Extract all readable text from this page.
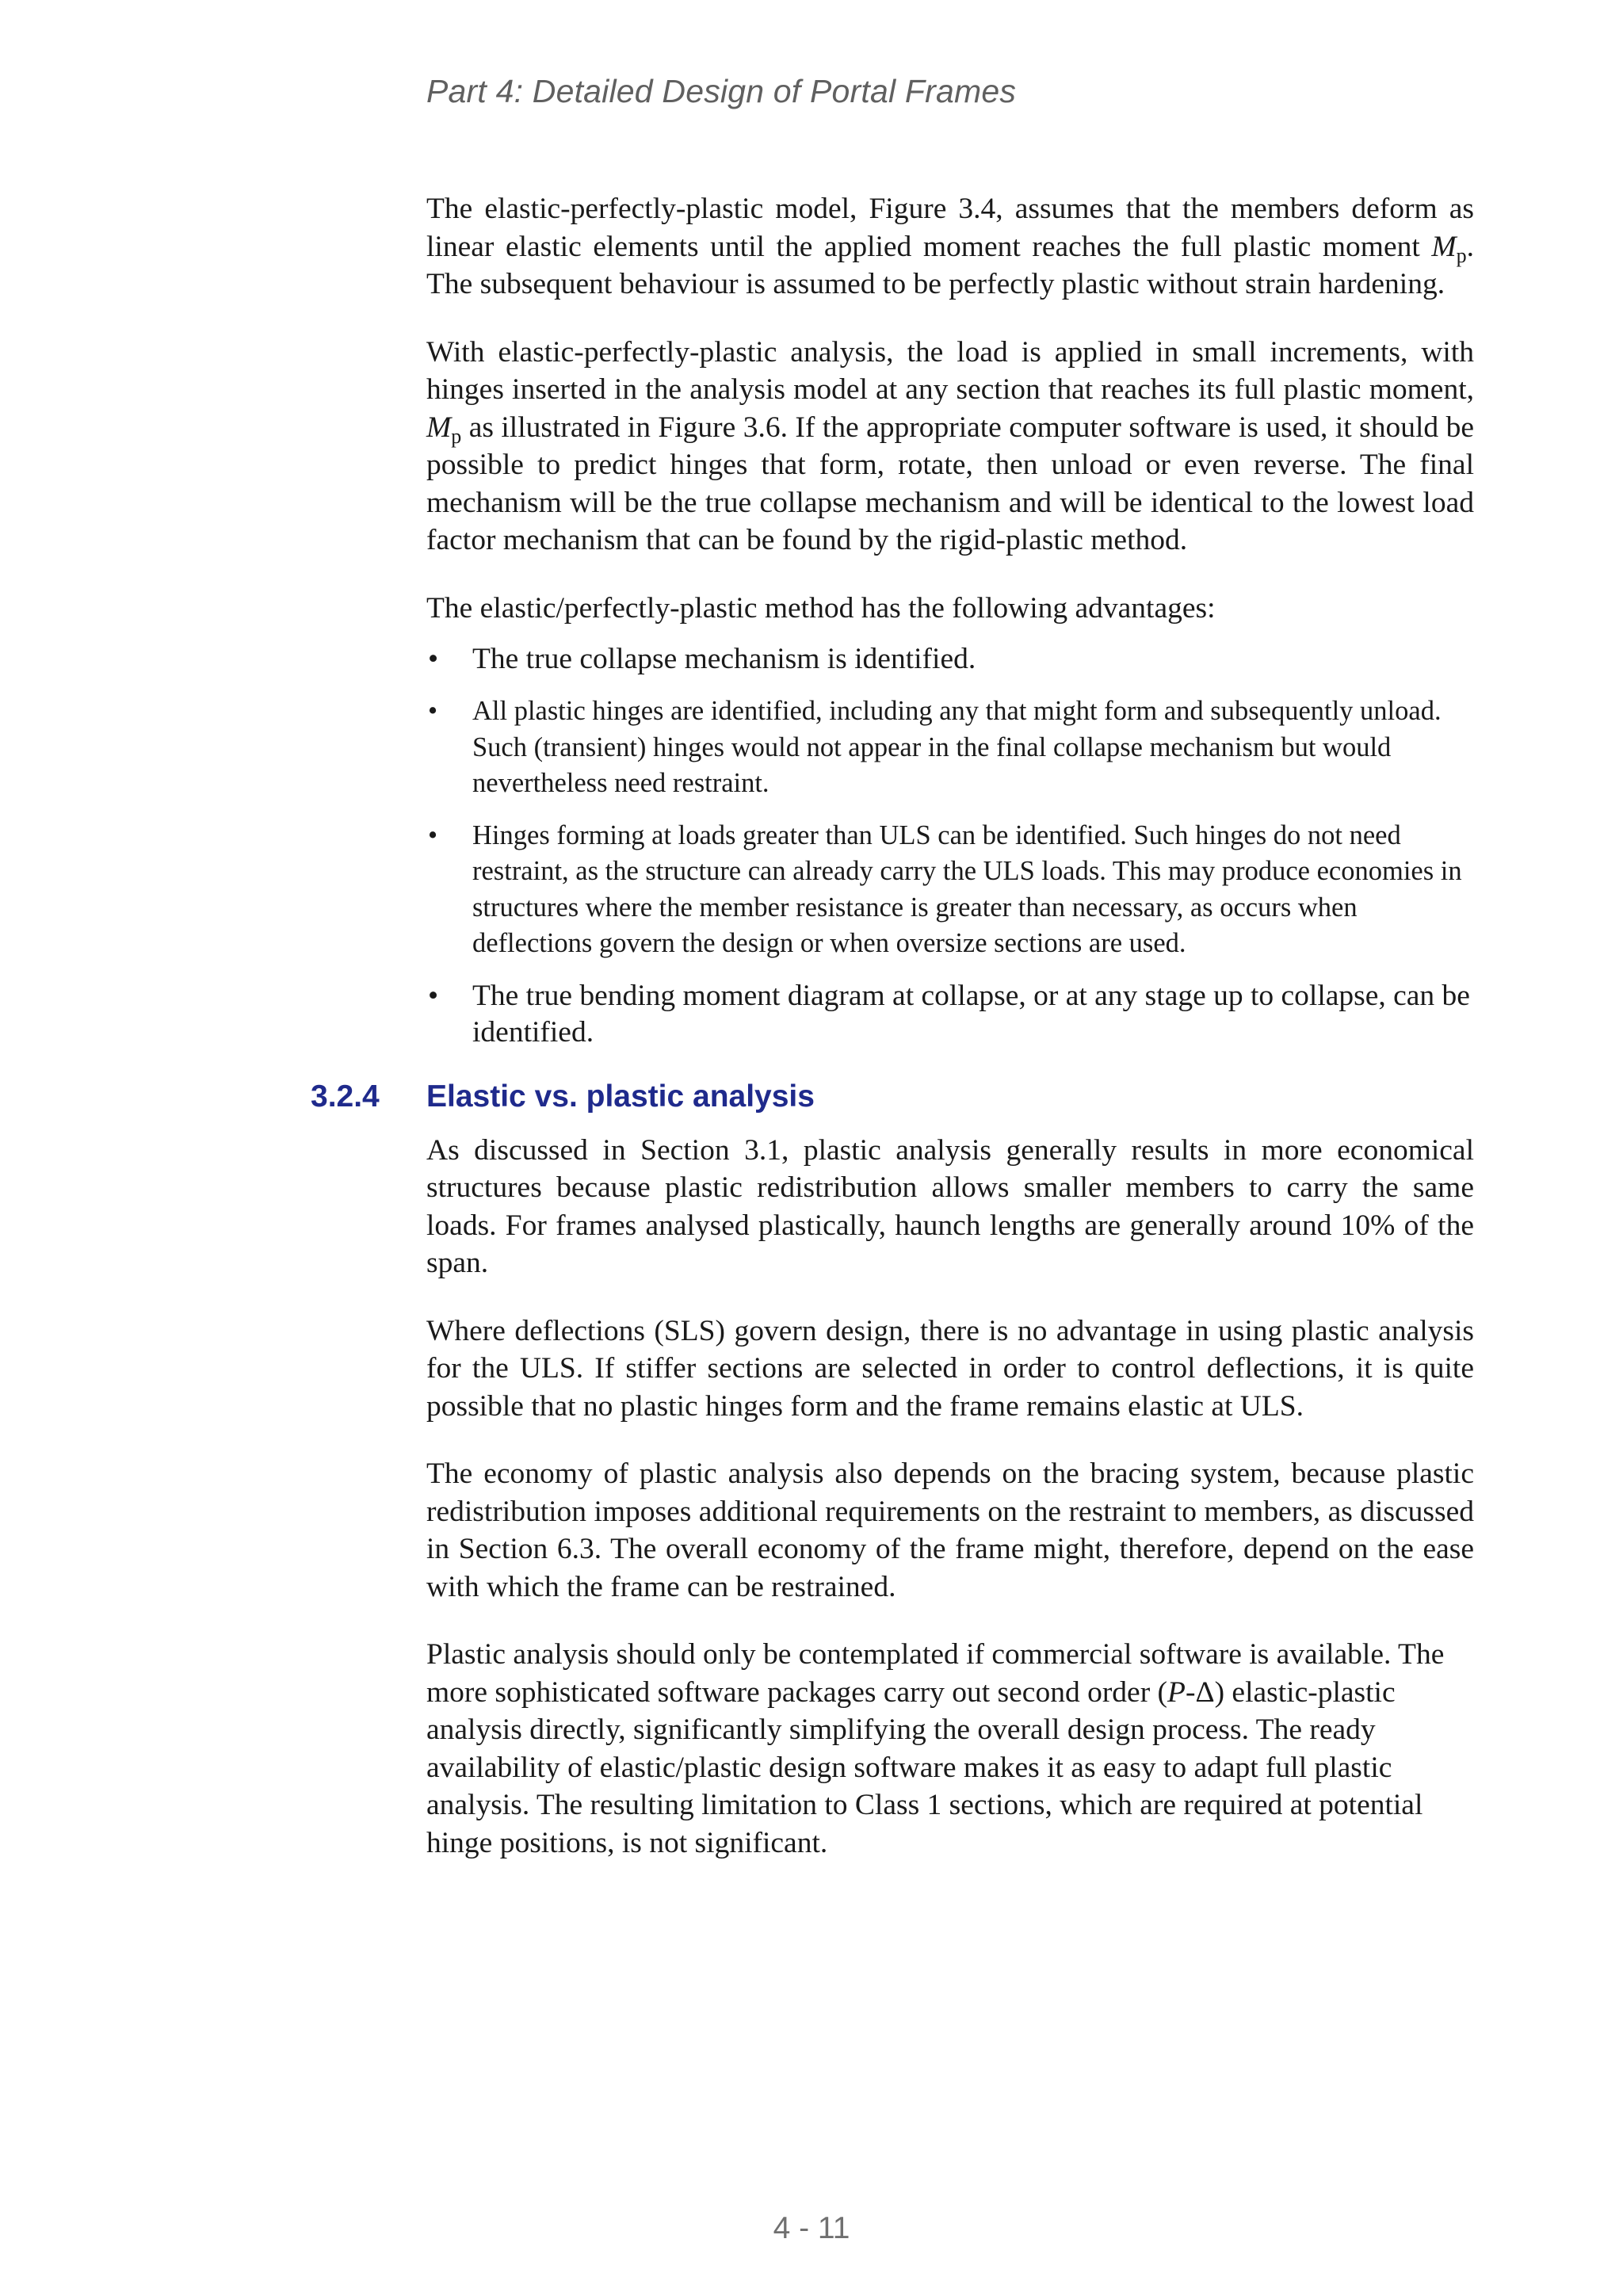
Part 4: Detailed Design of Portal Frames

The elastic-perfectly-plastic model, Figure 3.4, assumes that the members deform as linear elastic elements until the applied moment reaches the full plastic moment $M_p$. The subsequent behaviour is assumed to be perfectly plastic without strain hardening.

With elastic-perfectly-plastic analysis, the load is applied in small increments, with hinges inserted in the analysis model at any section that reaches its full plastic moment, $M_p$ as illustrated in Figure 3.6. If the appropriate computer software is used, it should be possible to predict hinges that form, rotate, then unload or even reverse. The final mechanism will be the true collapse mechanism and will be identical to the lowest load factor mechanism that can be found by the rigid-plastic method.

The elastic/perfectly-plastic method has the following advantages:

• The true collapse mechanism is identified.
• All plastic hinges are identified, including any that might form and subsequently unload. Such (transient) hinges would not appear in the final collapse mechanism but would nevertheless need restraint.
• Hinges forming at loads greater than ULS can be identified. Such hinges do not need restraint, as the structure can already carry the ULS loads. This may produce economies in structures where the member resistance is greater than necessary, as occurs when deflections govern the design or when oversize sections are used.
• The true bending moment diagram at collapse, or at any stage up to collapse, can be identified.
3.2.4 Elastic vs. plastic analysis

As discussed in Section 3.1, plastic analysis generally results in more economical structures because plastic redistribution allows smaller members to carry the same loads. For frames analysed plastically, haunch lengths are generally around 10% of the span.

Where deflections (SLS) govern design, there is no advantage in using plastic analysis for the ULS. If stiffer sections are selected in order to control deflections, it is quite possible that no plastic hinges form and the frame remains elastic at ULS.

The economy of plastic analysis also depends on the bracing system, because plastic redistribution imposes additional requirements on the restraint to members, as discussed in Section 6.3. The overall economy of the frame might, therefore, depend on the ease with which the frame can be restrained.

Plastic analysis should only be contemplated if commercial software is available. The more sophisticated software packages carry out second order (P-Δ) elastic-plastic analysis directly, significantly simplifying the overall design process. The ready availability of elastic/plastic design software makes it as easy to adapt full plastic analysis. The resulting limitation to Class 1 sections, which are required at potential hinge positions, is not significant.

4 - 11
